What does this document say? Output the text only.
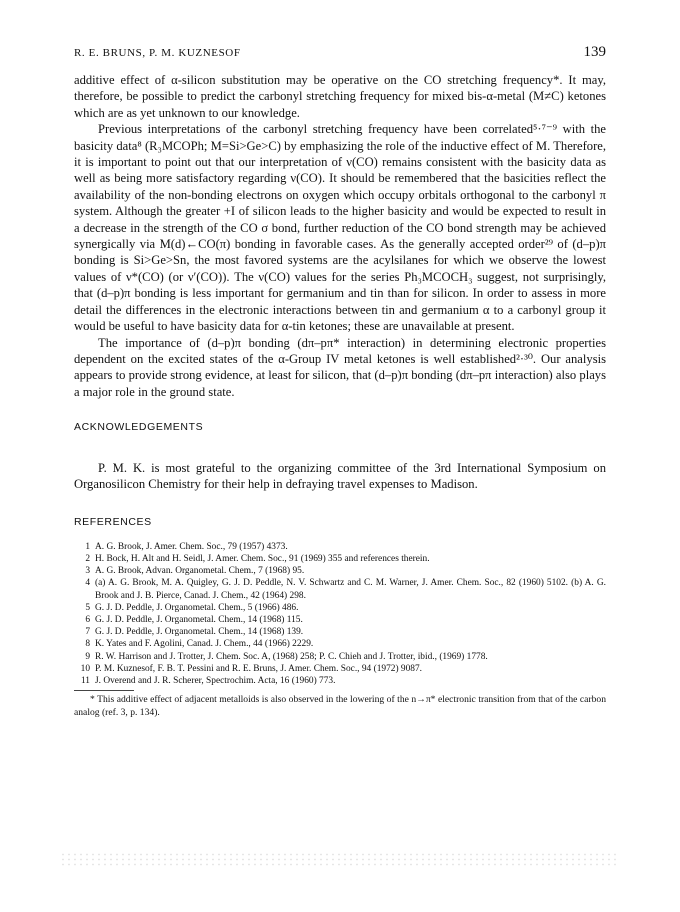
R. E. BRUNS, P. M. KUZNESOF	139

additive effect of α-silicon substitution may be operative on the CO stretching frequency*. It may, therefore, be possible to predict the carbonyl stretching frequency for mixed bis-α-metal (M≠C) ketones which are as yet unknown to our knowledge.

Previous interpretations of the carbonyl stretching frequency have been correlated⁵·⁷⁻⁹ with the basicity data⁸ (R₃MCOPh; M=Si>Ge>C) by emphasizing the role of the inductive effect of M. Therefore, it is important to point out that our interpretation of ν(CO) remains consistent with the basicity data as well as being more satisfactory regarding ν(CO). It should be remembered that the basicities reflect the availability of the non-bonding electrons on oxygen which occupy orbitals orthogonal to the carbonyl π system. Although the greater +I of silicon leads to the higher basicity and would be expected to result in a decrease in the strength of the CO σ bond, further reduction of the CO bond strength may be achieved synergically via M(d)←CO(π) bonding in favorable cases. As the generally accepted order²⁹ of (d–p)π bonding is Si>Ge>Sn, the most favored systems are the acylsilanes for which we observe the lowest values of ν*(CO) (or ν′(CO)). The ν(CO) values for the series Ph₃MCOCH₃ suggest, not surprisingly, that (d–p)π bonding is less important for germanium and tin than for silicon. In order to assess in more detail the differences in the electronic interactions between tin and germanium α to a carbonyl group it would be useful to have basicity data for α-tin ketones; these are unavailable at present.

The importance of (d–p)π bonding (dπ–pπ* interaction) in determining electronic properties dependent on the excited states of the α-Group IV metal ketones is well established²·³⁰. Our analysis appears to provide strong evidence, at least for silicon, that (d–p)π bonding (dπ–pπ interaction) also plays a major role in the ground state.

ACKNOWLEDGEMENTS

P. M. K. is most grateful to the organizing committee of the 3rd International Symposium on Organosilicon Chemistry for their help in defraying travel expenses to Madison.

REFERENCES
1 A. G. Brook, J. Amer. Chem. Soc., 79 (1957) 4373.
2 H. Bock, H. Alt and H. Seidl, J. Amer. Chem. Soc., 91 (1969) 355 and references therein.
3 A. G. Brook, Advan. Organometal. Chem., 7 (1968) 95.
4 (a) A. G. Brook, M. A. Quigley, G. J. D. Peddle, N. V. Schwartz and C. M. Warner, J. Amer. Chem. Soc., 82 (1960) 5102. (b) A. G. Brook and J. B. Pierce, Canad. J. Chem., 42 (1964) 298.
5 G. J. D. Peddle, J. Organometal. Chem., 5 (1966) 486.
6 G. J. D. Peddle, J. Organometal. Chem., 14 (1968) 115.
7 G. J. D. Peddle, J. Organometal. Chem., 14 (1968) 139.
8 K. Yates and F. Agolini, Canad. J. Chem., 44 (1966) 2229.
9 R. W. Harrison and J. Trotter, J. Chem. Soc. A, (1968) 258; P. C. Chieh and J. Trotter, ibid., (1969) 1778.
10 P. M. Kuznesof, F. B. T. Pessini and R. E. Bruns, J. Amer. Chem. Soc., 94 (1972) 9087.
11 J. Overend and J. R. Scherer, Spectrochim. Acta, 16 (1960) 773.

* This additive effect of adjacent metalloids is also observed in the lowering of the n→π* electronic transition from that of the carbon analog (ref. 3, p. 134).
